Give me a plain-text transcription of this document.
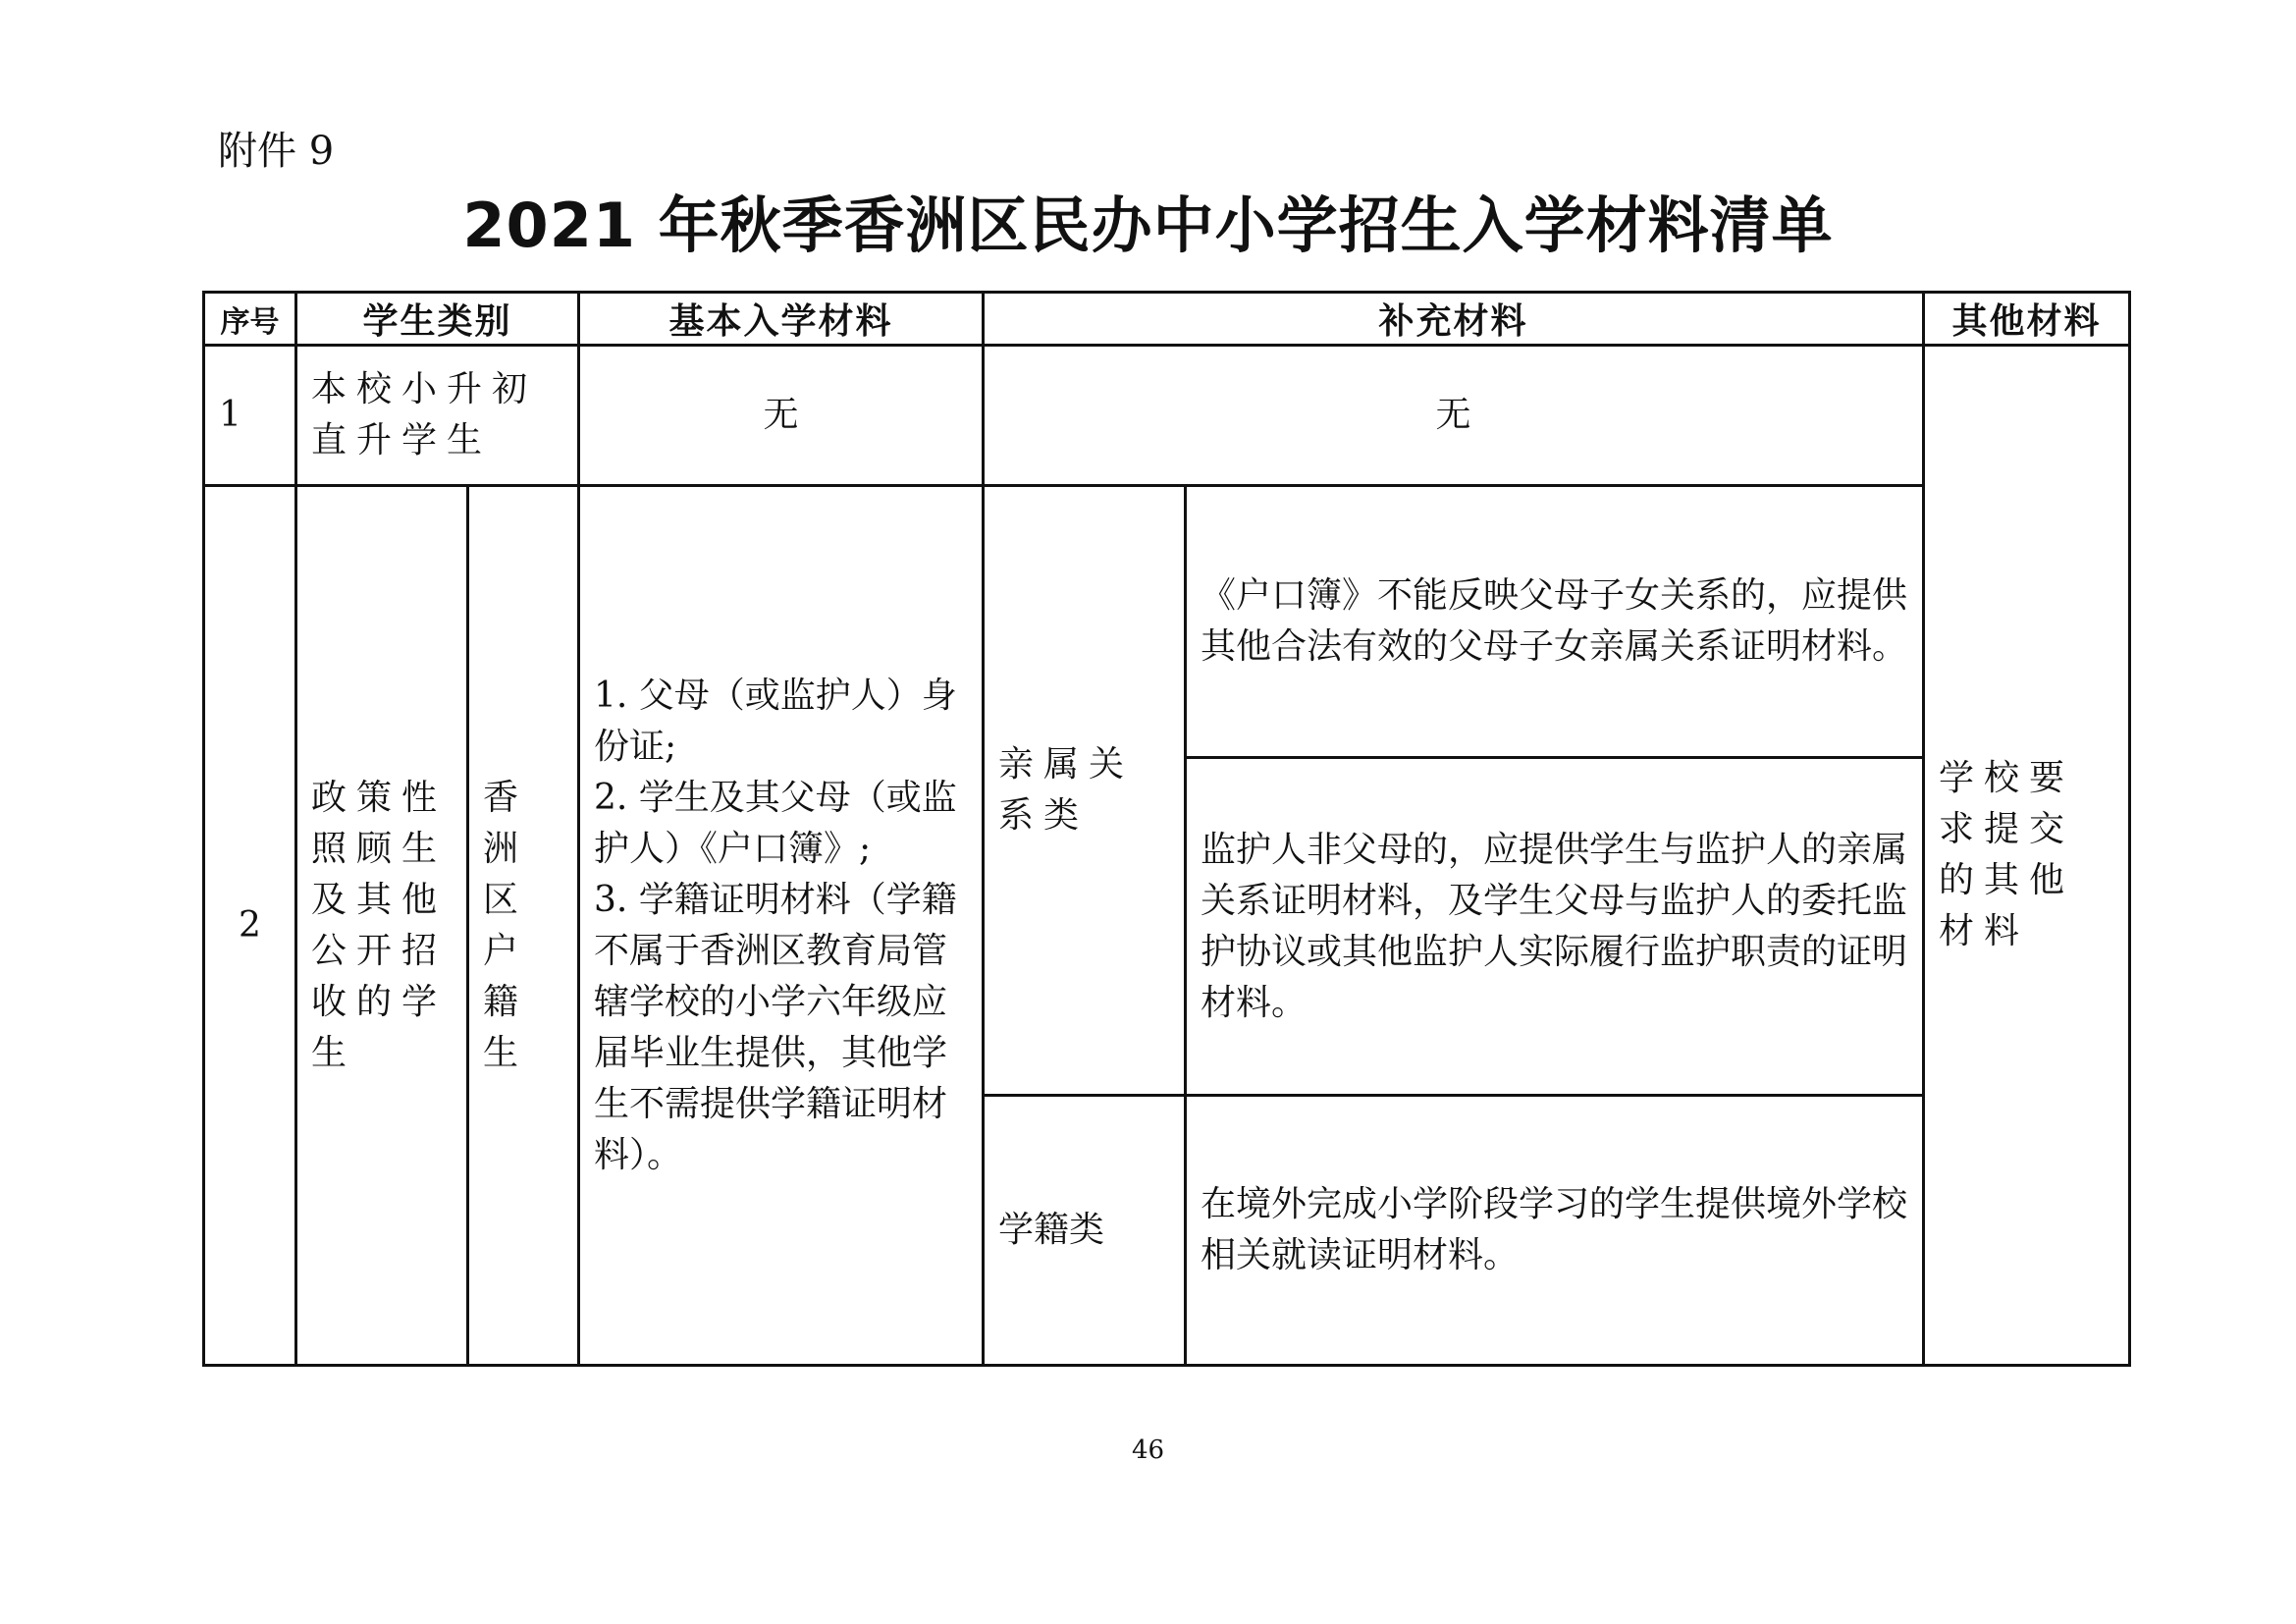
附件 9
2021 年秋季香洲区民办中小学招生入学材料清单
序号	学生类别		基本入学材料	补充材料		其他材料
1	本校小升初直升学生		无	无		学校要求提交的其他材料
2	政策性照顾生及其他公开招收的学生	香洲区户籍生	1. 父母（或监护人）身份证;
2. 学生及其父母（或监护人）《户口簿》;
3. 学籍证明材料（学籍不属于香洲区教育局管辖学校的小学六年级应届毕业生提供，其他学生不需提供学籍证明材料）。	亲属关系类	《户口簿》不能反映父母子女关系的，应提供其他合法有效的父母子女亲属关系证明材料。	
					监护人非父母的，应提供学生与监护人的亲属关系证明材料，及学生父母与监护人的委托监护协议或其他监护人实际履行监护职责的证明材料。	
				学籍类	在境外完成小学阶段学习的学生提供境外学校相关就读证明材料。	
46
